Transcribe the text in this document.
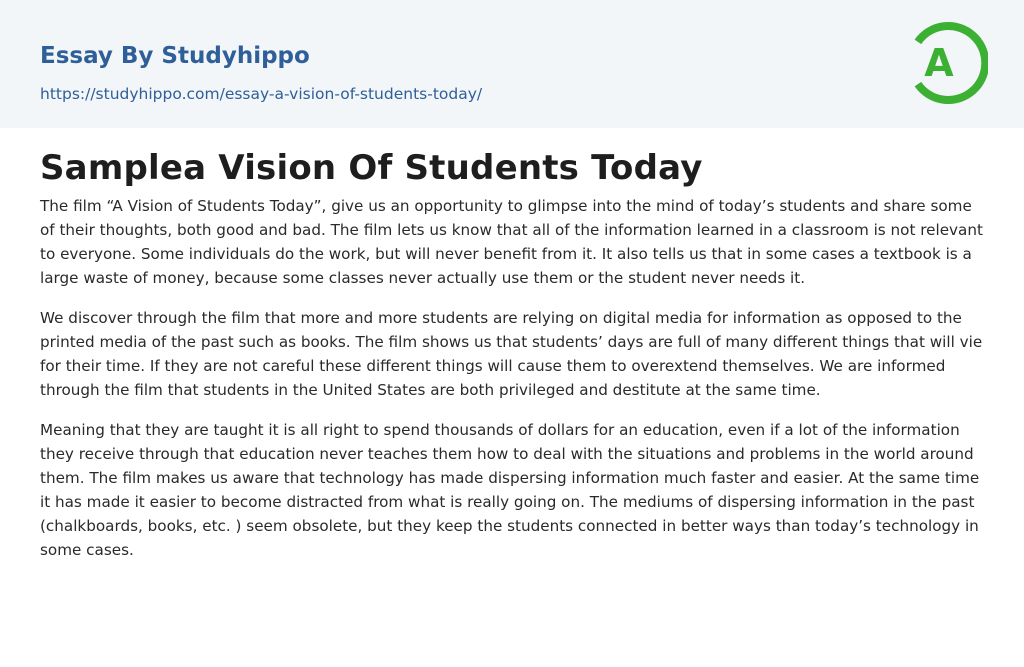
Essay By Studyhippo
https://studyhippo.com/essay-a-vision-of-students-today/
A
Samplea Vision Of Students Today

The film “A Vision of Students Today”, give us an opportunity to glimpse into the mind of today’s students and share some of their thoughts, both good and bad. The film lets us know that all of the information learned in a classroom is not relevant to everyone. Some individuals do the work, but will never benefit from it. It also tells us that in some cases a textbook is a large waste of money, because some classes never actually use them or the student never needs it.

We discover through the film that more and more students are relying on digital media for information as opposed to the printed media of the past such as books. The film shows us that students’ days are full of many different things that will vie for their time. If they are not careful these different things will cause them to overextend themselves. We are informed through the film that students in the United States are both privileged and destitute at the same time.

Meaning that they are taught it is all right to spend thousands of dollars for an education, even if a lot of the information they receive through that education never teaches them how to deal with the situations and problems in the world around them. The film makes us aware that technology has made dispersing information much faster and easier. At the same time it has made it easier to become distracted from what is really going on. The mediums of dispersing information in the past (chalkboards, books, etc. ) seem obsolete, but they keep the students connected in better ways than today’s technology in some cases.
